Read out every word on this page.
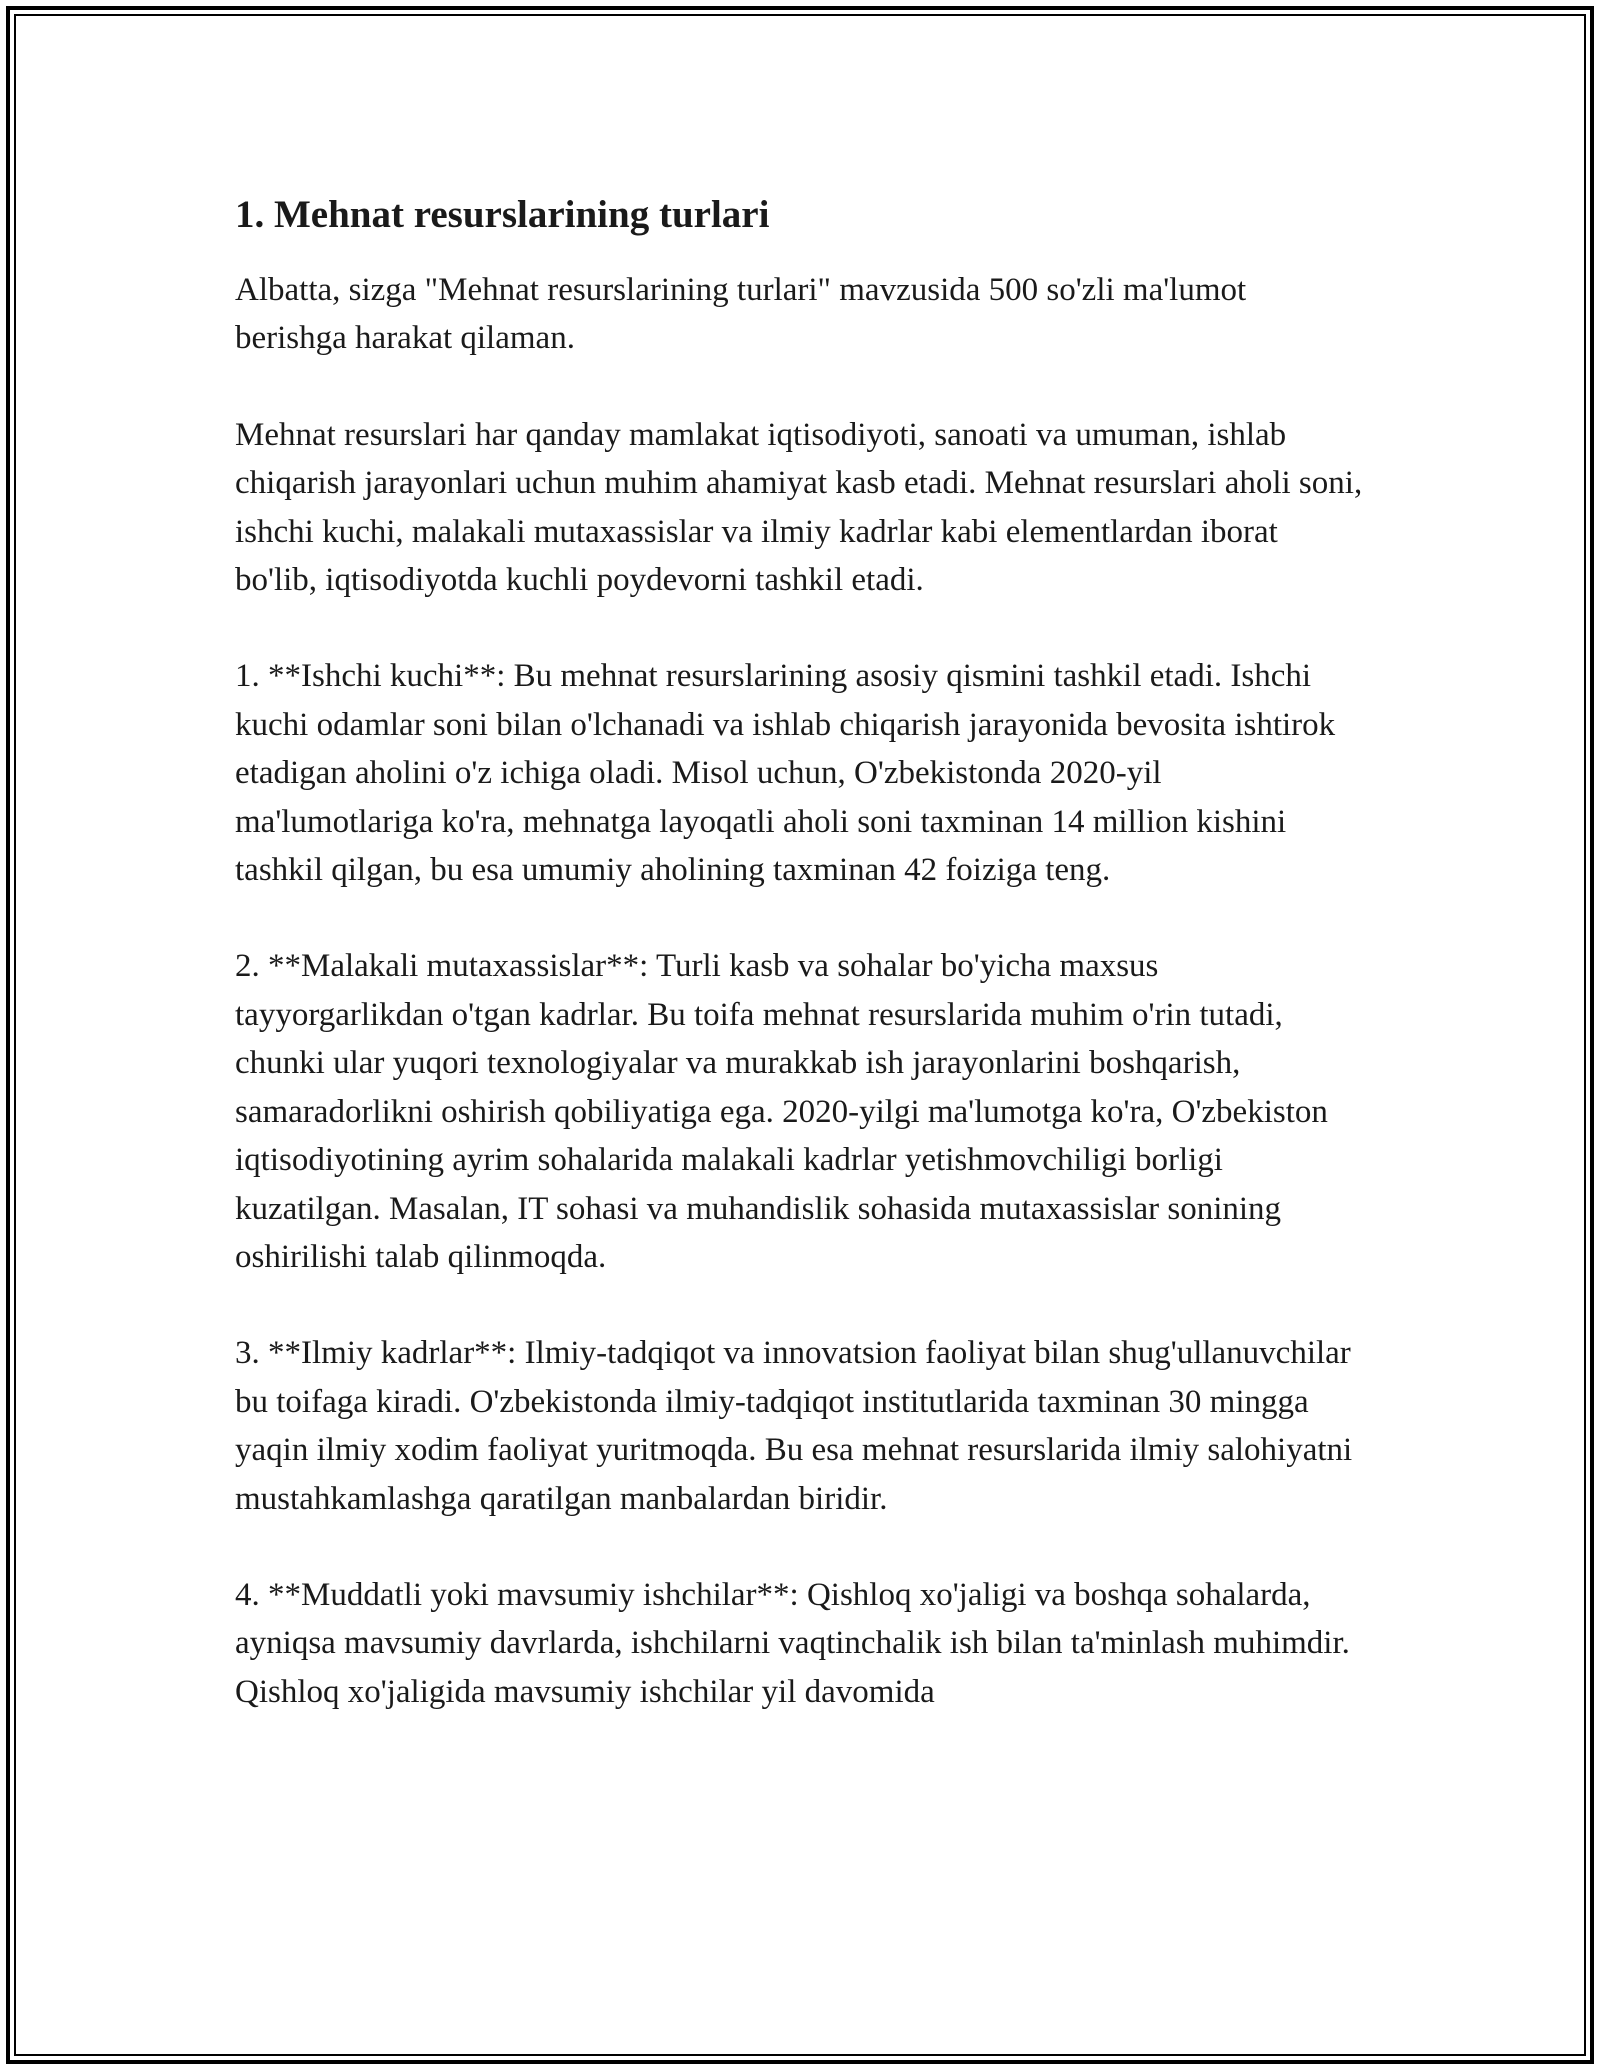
1. Mehnat resurslarining turlari

Albatta, sizga "Mehnat resurslarining turlari" mavzusida 500 so'zli ma'lumot berishga harakat qilaman.

Mehnat resurslari har qanday mamlakat iqtisodiyoti, sanoati va umuman, ishlab chiqarish jarayonlari uchun muhim ahamiyat kasb etadi. Mehnat resurslari aholi soni, ishchi kuchi, malakali mutaxassislar va ilmiy kadrlar kabi elementlardan iborat bo'lib, iqtisodiyotda kuchli poydevorni tashkil etadi.

1. **Ishchi kuchi**: Bu mehnat resurslarining asosiy qismini tashkil etadi. Ishchi kuchi odamlar soni bilan o'lchanadi va ishlab chiqarish jarayonida bevosita ishtirok etadigan aholini o'z ichiga oladi. Misol uchun, O'zbekistonda 2020-yil ma'lumotlariga ko'ra, mehnatga layoqatli aholi soni taxminan 14 million kishini tashkil qilgan, bu esa umumiy aholining taxminan 42 foiziga teng.

2. **Malakali mutaxassislar**: Turli kasb va sohalar bo'yicha maxsus tayyorgarlikdan o'tgan kadrlar. Bu toifa mehnat resurslarida muhim o'rin tutadi, chunki ular yuqori texnologiyalar va murakkab ish jarayonlarini boshqarish, samaradorlikni oshirish qobiliyatiga ega. 2020-yilgi ma'lumotga ko'ra, O'zbekiston iqtisodiyotining ayrim sohalarida malakali kadrlar yetishmovchiligi borligi kuzatilgan. Masalan, IT sohasi va muhandislik sohasida mutaxassislar sonining oshirilishi talab qilinmoqda.

3. **Ilmiy kadrlar**: Ilmiy-tadqiqot va innovatsion faoliyat bilan shug'ullanuvchilar bu toifaga kiradi. O'zbekistonda ilmiy-tadqiqot institutlarida taxminan 30 mingga yaqin ilmiy xodim faoliyat yuritmoqda. Bu esa mehnat resurslarida ilmiy salohiyatni mustahkamlashga qaratilgan manbalardan biridir.

4. **Muddatli yoki mavsumiy ishchilar**: Qishloq xo'jaligi va boshqa sohalarda, ayniqsa mavsumiy davrlarda, ishchilarni vaqtinchalik ish bilan ta'minlash muhimdir. Qishloq xo'jaligida mavsumiy ishchilar yil davomida
